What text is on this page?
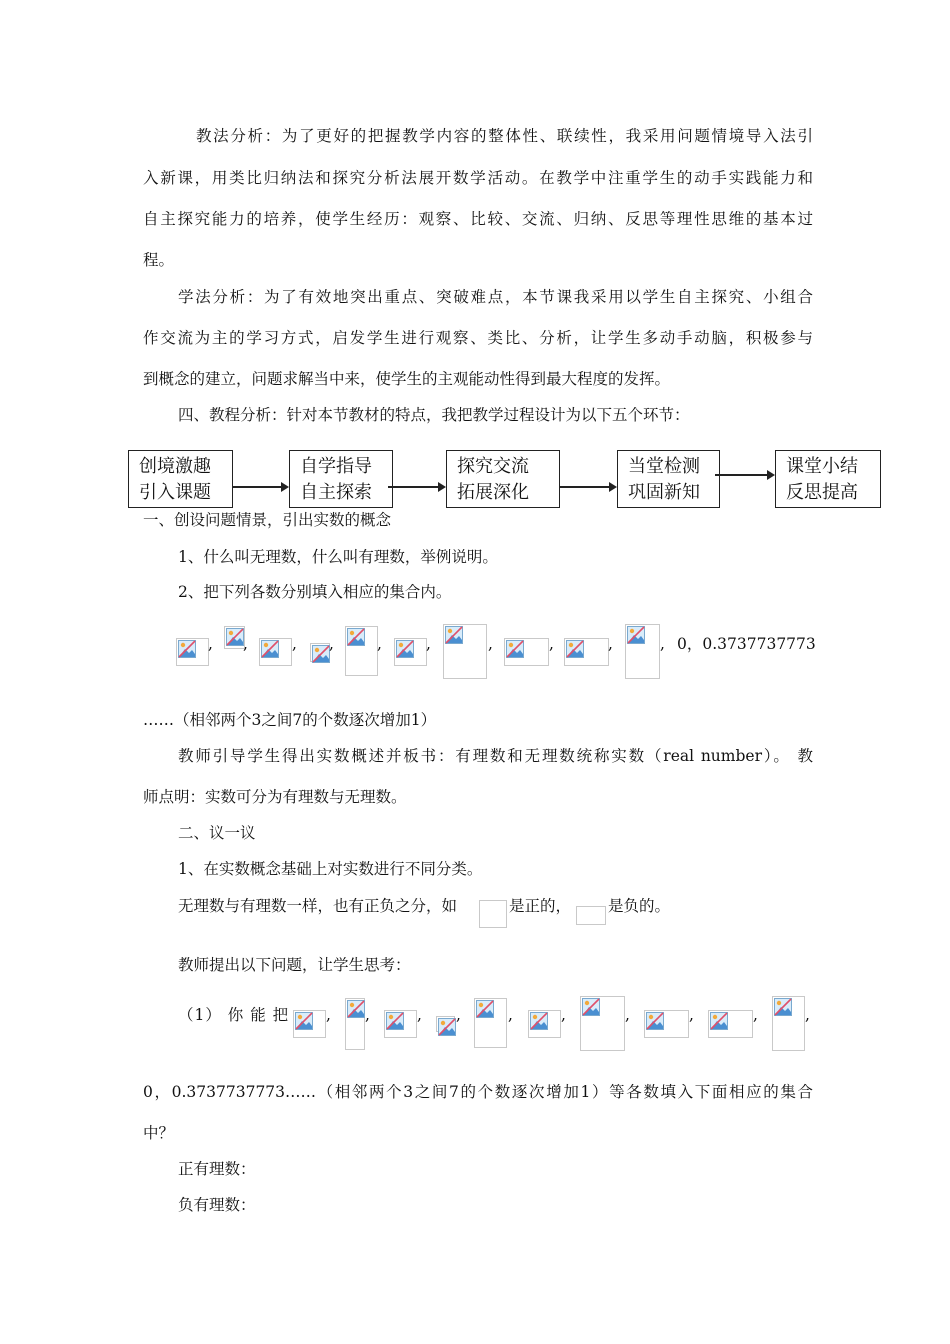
教法分析：为了更好的把握教学内容的整体性、联续性，我采用问题情境导入法引
入新课，用类比归纳法和探究分析法展开数学活动。在教学中注重学生的动手实践能力和
自主探究能力的培养，使学生经历：观察、比较、交流、归纳、反思等理性思维的基本过
程。
学法分析：为了有效地突出重点、突破难点，本节课我采用以学生自主探究、小组合
作交流为主的学习方式，启发学生进行观察、类比、分析，让学生多动手动脑，积极参与
到概念的建立，问题求解当中来，使学生的主观能动性得到最大程度的发挥。
四、教程分析：针对本节教材的特点，我把教学过程设计为以下五个环节：
创境激趣
引入课题
自学指导
自主探索
探究交流
拓展深化
当堂检测
巩固新知
课堂小结
反思提高
一、创设问题情景，引出实数的概念
1、什么叫无理数，什么叫有理数，举例说明。
2、把下列各数分别填入相应的集合内。
, ,	, ,	,	,	,	,	,	, 0，0.3737737773
……（相邻两个3之间7的个数逐次增加1）
教师引导学生得出实数概述并板书：有理数和无理数统称实数（real number）。 教
师点明：实数可分为有理数与无理数。
二、议一议
1、在实数概念基础上对实数进行不同分类。
无理数与有理数一样，也有正负之分，如	是正的， 是负的。
教师提出以下问题，让学生思考：
（1） 你 能 把 , ,	, ,	,	,	,	,	,	,
0，0.3737737773……（相邻两个3之间7的个数逐次增加1）等各数填入下面相应的集合
中？
正有理数：
负有理数：
